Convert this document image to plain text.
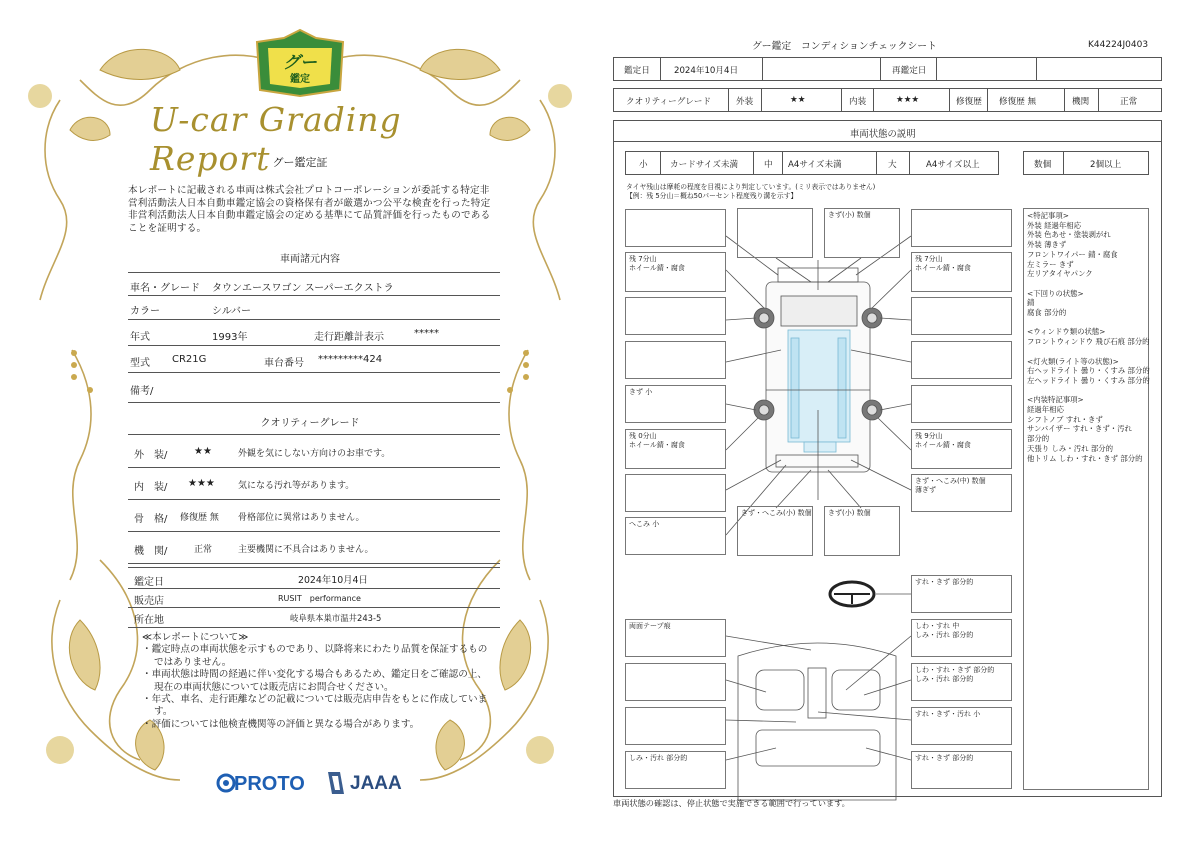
グー
鑑定
U-car Grading Report グー鑑定証
本レポートに記載される車両は株式会社プロトコーポレーションが委託する特定非営利活動法人日本自動車鑑定協会の資格保有者が厳選かつ公平な検査を行った特定非営利活動法人日本自動車鑑定協会の定める基準にて品質評価を行ったものであることを証明する。
車両諸元内容
車名・グレード タウンエースワゴン スーパーエクストラ
カラー	シルバー
年式	1993年	走行距離計表示	*****
型式 CR21G	車台番号 *********424
備考/
クオリティーグレード
外　装/	★★	外観を気にしない方向けのお車です。
内　装/ ★★★	気になる汚れ等があります。
骨　格/ 修復歴 無 骨格部位に異常はありません。
機　関/	正常	主要機関に不具合はありません。
鑑定日	2024年10月4日
販売店	RUSIT　performance
所在地	岐阜県本巣市温井243-5
≪本レポートについて≫
・鑑定時点の車両状態を示すものであり、以降将来にわたり品質を保証するものではありません。
・車両状態は時間の経過に伴い変化する場合もあるため、鑑定日をご確認の上、現在の車両状態については販売店にお問合せください。
・年式、車名、走行距離などの記載については販売店申告をもとに作成しています。
・評価については他検査機関等の評価と異なる場合があります。
PROTO JAAA
グー鑑定　コンディションチェックシート	K44224J0403
鑑定日	2024年10月4日	再鑑定日
クオリティーグレード	外装	★★	内装	★★★	修復歴 修復歴 無	機関	正常
車両状態の説明
小	カードサイズ未満	中 A4サイズ未満	大	A4サイズ以上	数個	2個以上
タイヤ残山は摩耗の程度を目視により判定しています。(ミリ表示ではありません)
【例：残 5分山＝概ね50パーセント程度残り溝を示す】
残 7分山
ホイール錆・腐食
きず 小
残 0分山
ホイール錆・腐食
へこみ 小
きず(小) 数個
きず・へこみ(小) 数個	きず(小) 数個
残 7分山
ホイール錆・腐食
残 9分山
ホイール錆・腐食
きず・へこみ(中) 数個
薄ぎず
すれ・きず 部分的
両面テープ痕	しわ・すれ 中
しみ・汚れ 部分的
しわ・すれ・きず 部分的
しみ・汚れ 部分的
すれ・きず・汚れ 小
しみ・汚れ 部分的	すれ・きず 部分的
<特記事項>
外装 経過年相応
外装 色あせ・塗装剥がれ
外装 薄きず
フロントワイパー 錆・腐食
左ミラー きず
左リアタイヤパンク

<下回りの状態>
錆
腐食 部分的

<ウィンドウ類の状態>
フロントウィンドウ 飛び石痕 部分的

<灯火類(ライト等の状態)>
右ヘッドライト 曇り・くすみ 部分的
左ヘッドライト 曇り・くすみ 部分的

<内装特記事項>
経過年相応
シフトノブ すれ・きず
サンバイザー すれ・きず・汚れ
部分的
天張り しみ・汚れ 部分的
他トリム しわ・すれ・きず 部分的
車両状態の確認は、停止状態で実施できる範囲で行っています。
